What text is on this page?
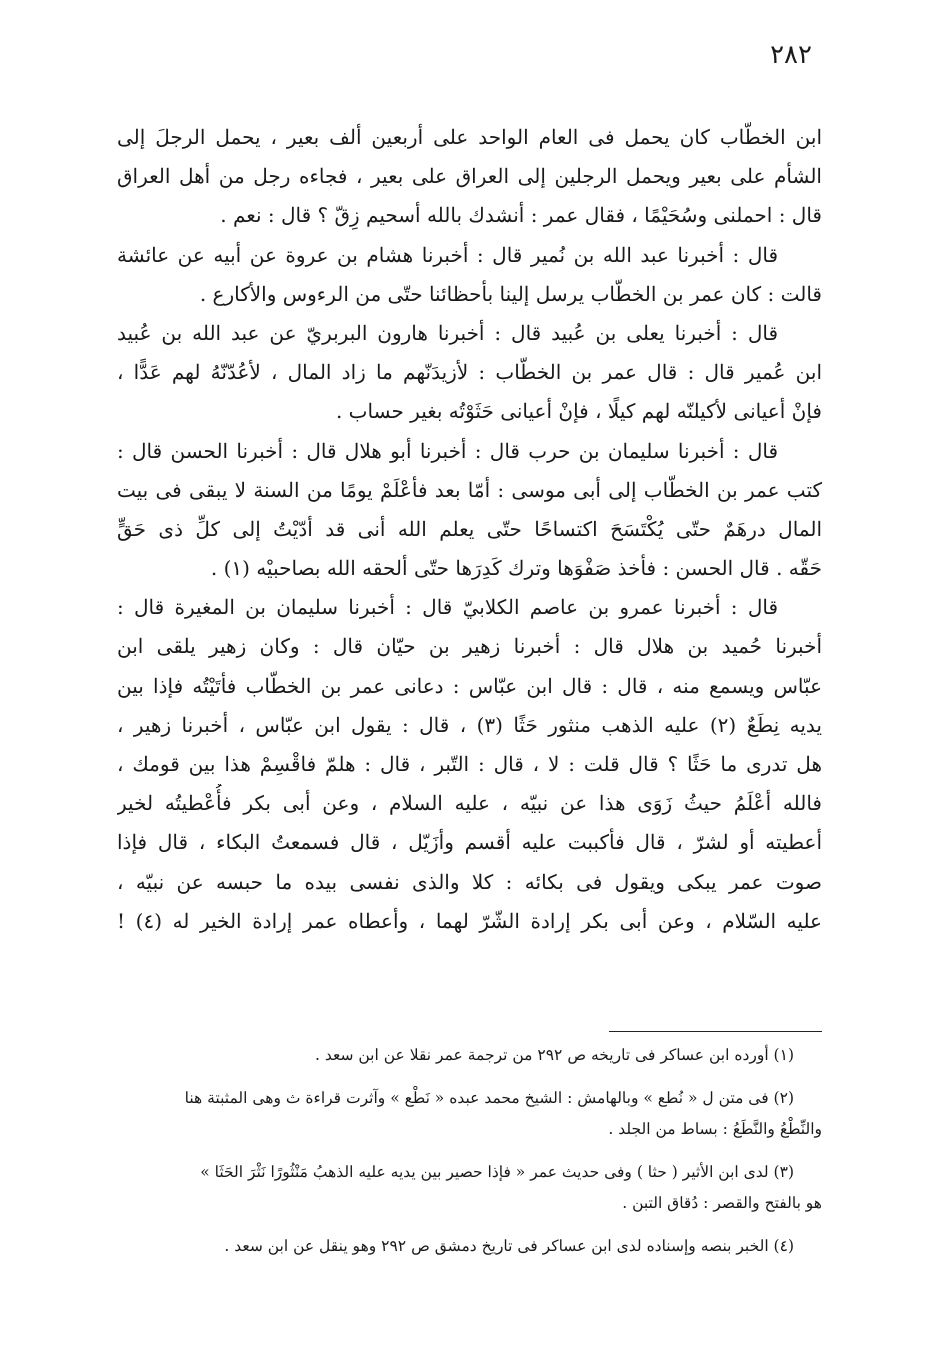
٢٨٢
ابن الخطّاب كان يحمل فى العام الواحد على أربعين ألف بعير ، يحمل الرجلَ إلى
الشأم على بعير ويحمل الرجلين إلى العراق على بعير ، فجاءه رجل من أهل العراق
قال : احملنى وسُحَيْمًا ، فقال عمر : أنشدك بالله أسحيم زِقّ ؟ قال : نعم .
قال : أخبرنا عبد الله بن نُمير قال : أخبرنا هشام بن عروة عن أبيه عن عائشة
قالت : كان عمر بن الخطّاب يرسل إلينا بأحظائنا حتّى من الرءوس والأكارع .
قال : أخبرنا يعلى بن عُبيد قال : أخبرنا هارون البربريّ عن عبد الله بن عُبيد
ابن عُمير قال : قال عمر بن الخطّاب : لأزيدَنّهم ما زاد المال ، لأعُدّنّهُ لهم عَدًّا ،
فإنْ أعيانى لأكيلنّه لهم كيلًا ، فإنْ أعيانى حَثَوْتُه بغير حساب .
قال : أخبرنا سليمان بن حرب قال : أخبرنا أبو هلال قال : أخبرنا الحسن قال :
كتب عمر بن الخطّاب إلى أبى موسى : أمّا بعد فأعْلَمْ يومًا من السنة لا يبقى فى بيت
المال درهَمٌ حتّى يُكْتَسَحَ اكتساحًا حتّى يعلم الله أنى قد أدّيْتُ إلى كلِّ ذى حَقٍّ
حَقّه . قال الحسن : فأخذ صَفْوَها وترك كَدِرَها حتّى ألحقه الله بصاحبيْه (١) .
قال : أخبرنا عمرو بن عاصم الكلابيّ قال : أخبرنا سليمان بن المغيرة قال :
أخبرنا حُميد بن هلال قال : أخبرنا زهير بن حيّان قال : وكان زهير يلقى ابن
عبّاس ويسمع منه ، قال : قال ابن عبّاس : دعانى عمر بن الخطّاب فأتَيْتُه فإذا بين
يديه نِطَعٌ (٢) عليه الذهب منثور حَثًا (٣) ، قال : يقول ابن عبّاس ، أخبرنا زهير ،
هل تدرى ما حَثًا ؟ قال قلت : لا ، قال : التّبر ، قال : هلمّ فاقْسِمْ هذا بين قومك ،
فالله أعْلَمُ حيثُ زَوَى هذا عن نبيّه ، عليه السلام ، وعن أبى بكر فأُعْطيتُه لخير
أعطيته أو لشرّ ، قال فأكببت عليه أقسم وأزَيّل ، قال فسمعتُ البكاء ، قال فإذا
صوت عمر يبكى ويقول فى بكائه : كلا والذى نفسى بيده ما حبسه عن نبيّه ،
عليه السّلام ، وعن أبى بكر إرادة الشّرّ لهما ، وأعطاه عمر إرادة الخير له (٤) !
(١) أورده ابن عساكر فى تاريخه ص ٢٩٢ من ترجمة عمر نقلا عن ابن سعد .
(٢) فى متن ل « نُطع » وبالهامش : الشيخ محمد عبده « نَطْع » وآثرت قراءة ث وهى المثبتة هنا
والنِّطْعُ والنَّطَعُ : بساط من الجلد .
(٣) لدى ابن الأثير ( حثا ) وفى حديث عمر « فإذا حصير بين يديه عليه الذهبُ مَنْثُورًا نَثْرَ الحَثَا »
هو بالفتح والقصر : دُقاق التبن .
(٤) الخبر بنصه وإسناده لدى ابن عساكر فى تاريخ دمشق ص ٢٩٢ وهو ينقل عن ابن سعد .
